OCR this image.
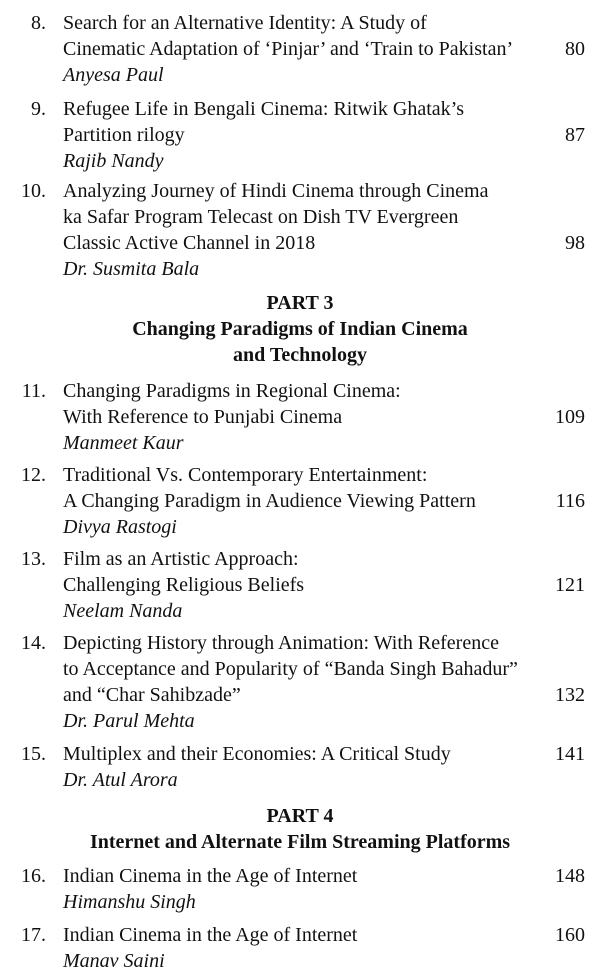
8. Search for an Alternative Identity: A Study of
Cinematic Adaptation of ‘Pinjar’ and ‘Train to Pakistan’
Anyesa Paul
80
9. Refugee Life in Bengali Cinema: Ritwik Ghatak’s
Partition rilogy
Rajib Nandy
87
10. Analyzing Journey of Hindi Cinema through Cinema
ka Safar Program Telecast on Dish TV Evergreen
Classic Active Channel in 2018
Dr. Susmita Bala
98
PART 3
Changing Paradigms of Indian Cinema
and Technology
11. Changing Paradigms in Regional Cinema:
With Reference to Punjabi Cinema
Manmeet Kaur
109
12. Traditional Vs. Contemporary Entertainment:
A Changing Paradigm in Audience Viewing Pattern
Divya Rastogi
116
13. Film as an Artistic Approach:
Challenging Religious Beliefs
Neelam Nanda
121
14. Depicting History through Animation: With Reference
to Acceptance and Popularity of “Banda Singh Bahadur”
and “Char Sahibzade”
Dr. Parul Mehta
132
15. Multiplex and their Economies: A Critical Study
Dr. Atul Arora
141
PART 4
Internet and Alternate Film Streaming Platforms
16. Indian Cinema in the Age of Internet
Himanshu Singh
148
17. Indian Cinema in the Age of Internet
Manav Saini
160
